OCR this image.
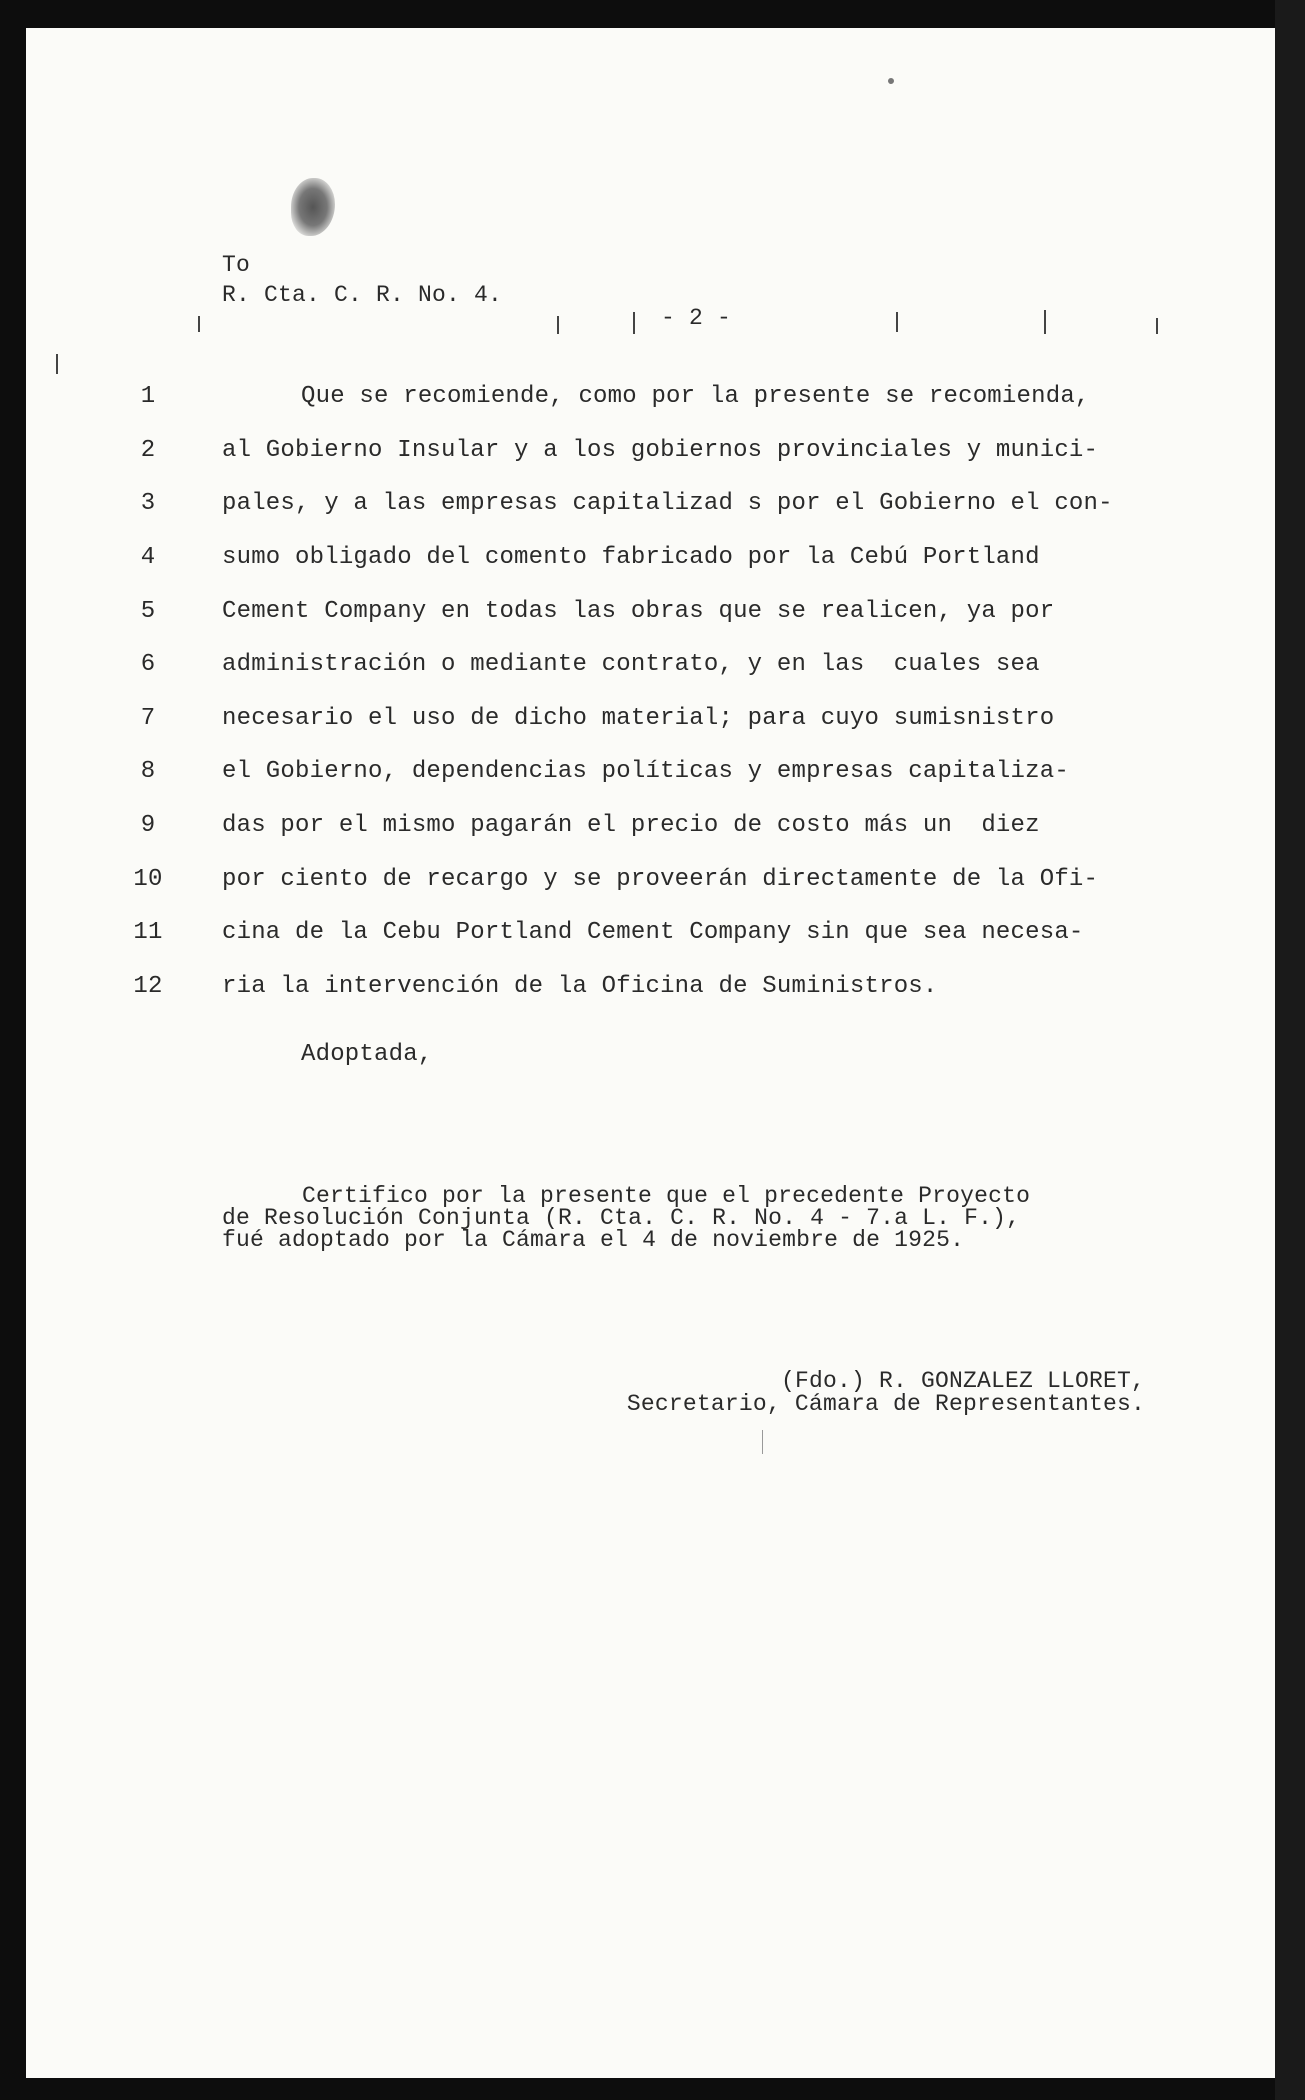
To
R. Cta. C. R. No. 4.
- 2 -
1	Que se recomiende, como por la presente se recomienda,
2	al Gobierno Insular y a los gobiernos provinciales y munici-
3	pales, y a las empresas capitalizad s por el Gobierno el con-
4	sumo obligado del comento fabricado por la Cebú Portland
5	Cement Company en todas las obras que se realicen, ya por
6	administración o mediante contrato, y en las  cuales sea
7	necesario el uso de dicho material; para cuyo sumisnistro
8	el Gobierno, dependencias políticas y empresas capitaliza-
9	das por el mismo pagarán el precio de costo más un  diez
10 por ciento de recargo y se proveerán directamente de la Ofi-
11 cina de la Cebu Portland Cement Company sin que sea necesa-
12 ria la intervención de la Oficina de Suministros.
Adoptada,
Certifico por la presente que el precedente Proyecto
de Resolución Conjunta (R. Cta. C. R. No. 4 - 7.a L. F.),
fué adoptado por la Cámara el 4 de noviembre de 1925.
(Fdo.) R. GONZALEZ LLORET,
Secretario, Cámara de Representantes.
